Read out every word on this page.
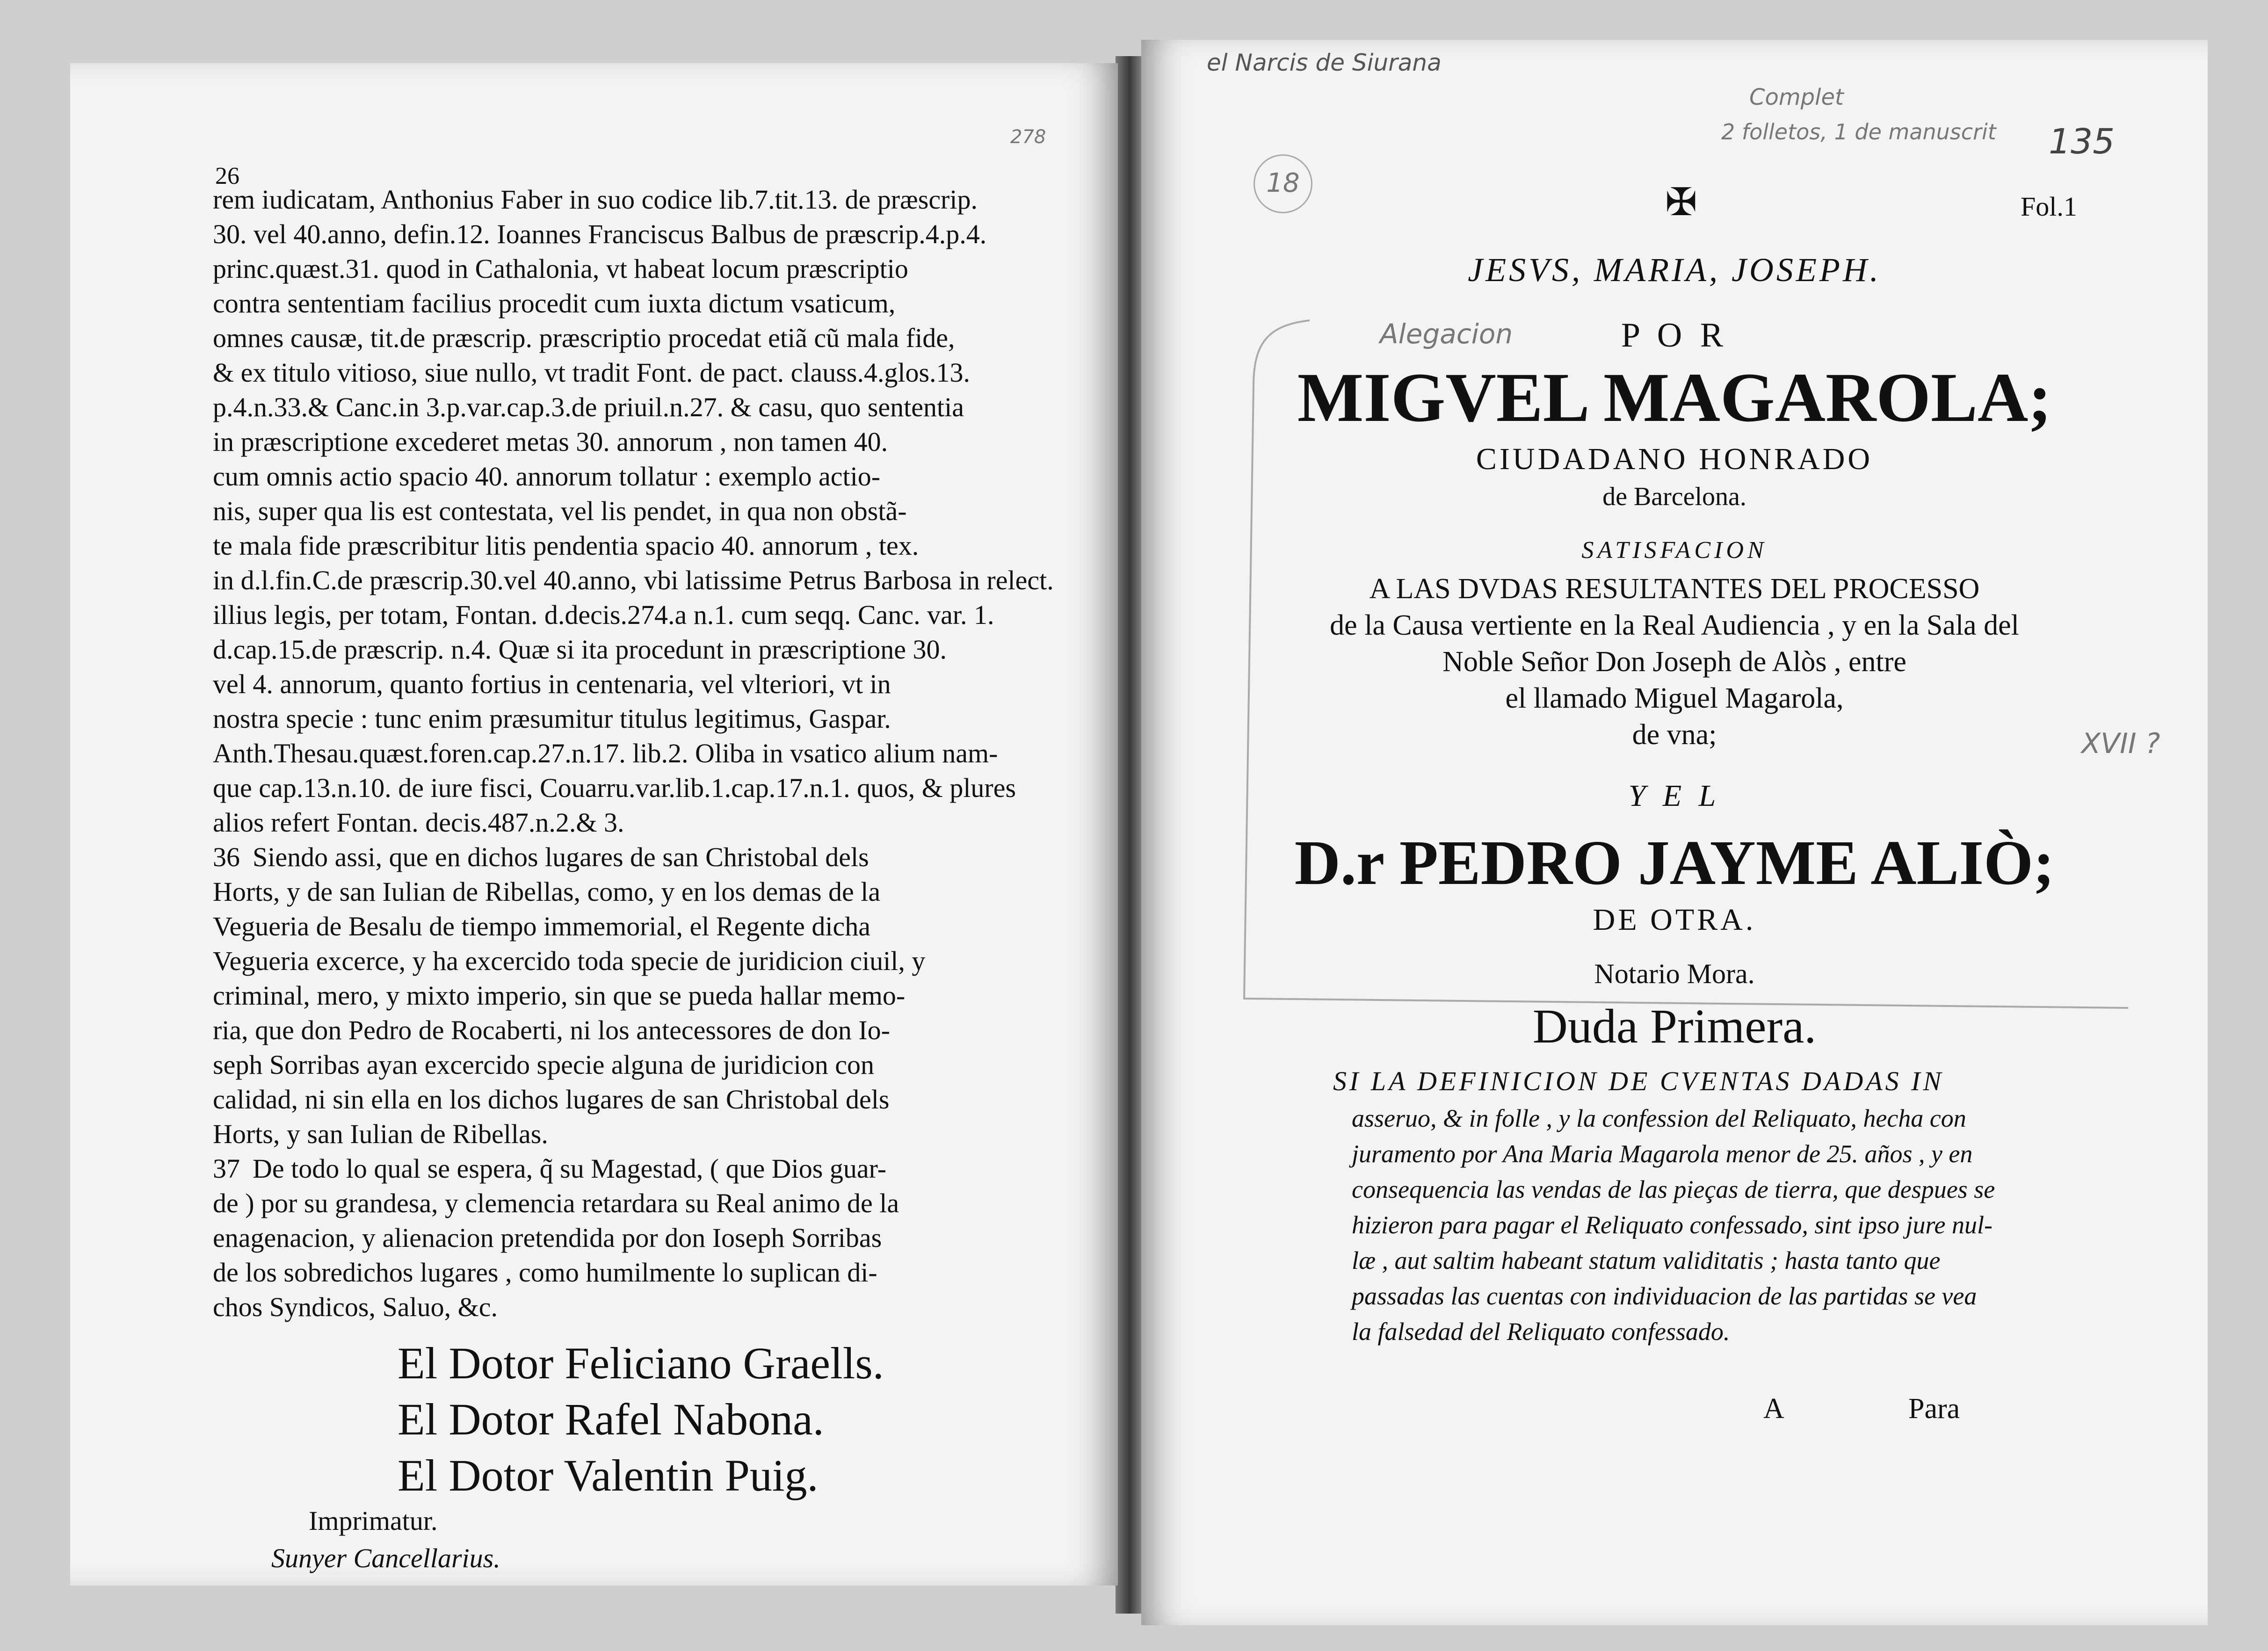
26
278
rem iudicatam, Anthonius Faber in suo codice lib.7.tit.13. de præscrip.
30. vel 40.anno, defin.12. Ioannes Franciscus Balbus de præscrip.4.p.4.
princ.quæst.31. quod in Cathalonia, vt habeat locum præscriptio
contra sententiam facilius procedit cum iuxta dictum vsaticum,
omnes causæ, tit.de præscrip. præscriptio procedat etiã cũ mala fide,
& ex titulo vitioso, siue nullo, vt tradit Font. de pact. clauss.4.glos.13.
p.4.n.33.& Canc.in 3.p.var.cap.3.de priuil.n.27. & casu, quo sententia
in præscriptione excederet metas 30. annorum , non tamen 40.
cum omnis actio spacio 40. annorum tollatur : exemplo actio-
nis, super qua lis est contestata, vel lis pendet, in qua non obstã-
te mala fide præscribitur litis pendentia spacio 40. annorum , tex.
in d.l.fin.C.de præscrip.30.vel 40.anno, vbi latissime Petrus Barbosa in relect.
illius legis, per totam, Fontan. d.decis.274.a n.1. cum seqq. Canc. var. 1.
d.cap.15.de præscrip. n.4. Quæ si ita procedunt in præscriptione 30.
vel 4. annorum, quanto fortius in centenaria, vel vlteriori, vt in
nostra specie : tunc enim præsumitur titulus legitimus, Gaspar.
Anth.Thesau.quæst.foren.cap.27.n.17. lib.2. Oliba in vsatico alium nam-
que cap.13.n.10. de iure fisci, Couarru.var.lib.1.cap.17.n.1. quos, & plures
alios refert Fontan. decis.487.n.2.& 3.
36 Siendo assi, que en dichos lugares de san Christobal dels
Horts, y de san Iulian de Ribellas, como, y en los demas de la
Vegueria de Besalu de tiempo immemorial, el Regente dicha
Vegueria excerce, y ha excercido toda specie de juridicion ciuil, y
criminal, mero, y mixto imperio, sin que se pueda hallar memo-
ria, que don Pedro de Rocaberti, ni los antecessores de don Io-
seph Sorribas ayan excercido specie alguna de juridicion con
calidad, ni sin ella en los dichos lugares de san Christobal dels
Horts, y san Iulian de Ribellas.
37 De todo lo qual se espera, q̃ su Magestad, ( que Dios guar-
de ) por su grandesa, y clemencia retardara su Real animo de la
enagenacion, y alienacion pretendida por don Ioseph Sorribas
de los sobredichos lugares , como humilmente lo suplican di-
chos Syndicos, Saluo, &c.
El Dotor Feliciano Graells.
El Dotor Rafel Nabona.
El Dotor Valentin Puig.
Imprimatur.
Sunyer Cancellarius.
el Narcis de Siurana
Complet
2 folletos, 1 de manuscrit 135
18	✠	Fol.1
JESVS, MARIA, JOSEPH.
Alegacion	P O R
MIGVEL MAGAROLA;
CIUDADANO HONRADO
de Barcelona.
SATISFACION
A LAS DVDAS RESULTANTES DEL PROCESSO
de la Causa vertiente en la Real Audiencia , y en la Sala del
Noble Señor Don Joseph de Alòs , entre
el llamado Miguel Magarola,
de vna;
Y E L
D.r PEDRO JAYME ALIÒ;
DE OTRA.
Notario Mora.
Duda Primera.
SI LA DEFINICION DE CVENTAS DADAS IN
asseruo, & in folle , y la confession del Reliquato, hecha con
juramento por Ana Maria Magarola menor de 25. años , y en
consequencia las vendas de las pieças de tierra, que despues se
hizieron para pagar el Reliquato confessado, sint ipso jure nul-
læ , aut saltim habeant statum validitatis ; hasta tanto que
passadas las cuentas con individuacion de las partidas se vea
la falsedad del Reliquato confessado.
A	Para
XVII ?
